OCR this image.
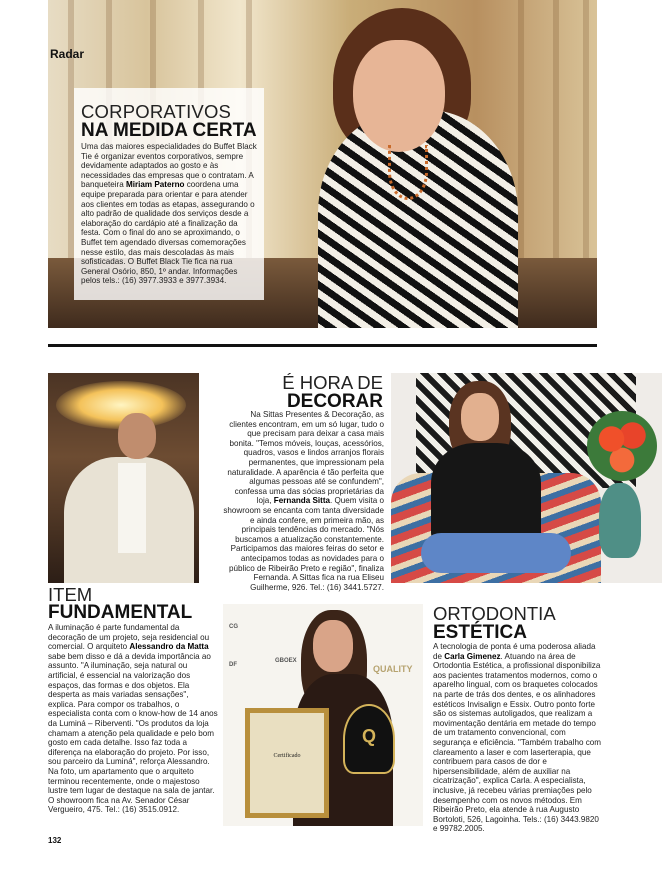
Radar
CORPORATIVOS
NA MEDIDA CERTA

Uma das maiores especialidades do Buffet Black Tie é organizar eventos corporativos, sempre devidamente adaptados ao gosto e às necessidades das empresas que o contratam. A banqueteira Miriam Paterno coordena uma equipe preparada para orientar e para atender aos clientes em todas as etapas, assegurando o alto padrão de qualidade dos serviços desde a elaboração do cardápio até a finalização da festa. Com o final do ano se aproximando, o Buffet tem agendado diversas comemorações nesse estilo, das mais descoladas às mais sofisticadas. O Buffet Black Tie fica na rua General Osório, 850, 1º andar. Informações pelos tels.: (16) 3977.3933 e 3977.3934.

É HORA DE
DECORAR

Na Sittas Presentes & Decoração, as clientes encontram, em um só lugar, tudo o que precisam para deixar a casa mais bonita. "Temos móveis, louças, acessórios, quadros, vasos e lindos arranjos florais permanentes, que impressionam pela naturalidade. A aparência é tão perfeita que algumas pessoas até se confundem", confessa uma das sócias proprietárias da loja, Fernanda Sitta. Quem visita o showroom se encanta com tanta diversidade e ainda confere, em primeira mão, as principais tendências do mercado. "Nós buscamos a atualização constantemente. Participamos das maiores feiras do setor e antecipamos todas as novidades para o público de Ribeirão Preto e região", finaliza Fernanda. A Sittas fica na rua Eliseu Guilherme, 926. Tel.: (16) 3441.5727.

ITEM
FUNDAMENTAL

A iluminação é parte fundamental da decoração de um projeto, seja residencial ou comercial. O arquiteto Alessandro da Matta sabe bem disso e dá a devida importância ao assunto. "A iluminação, seja natural ou artificial, é essencial na valorização dos espaços, das formas e dos objetos. Ela desperta as mais variadas sensações", explica. Para compor os trabalhos, o especialista conta com o know-how de 14 anos da Luminá – Riberventi. "Os produtos da loja chamam a atenção pela qualidade e pelo bom gosto em cada detalhe. Isso faz toda a diferença na elaboração do projeto. Por isso, sou parceiro da Luminá", reforça Alessandro. Na foto, um apartamento que o arquiteto terminou recentemente, onde o majestoso lustre tem lugar de destaque na sala de jantar. O showroom fica na Av. Senador César Vergueiro, 475. Tel.: (16) 3515.0912.

CG
GBOEX
DF	QUALITY
Certificado
Q
ORTODONTIA
ESTÉTICA

A tecnologia de ponta é uma poderosa aliada de Carla Gimenez. Atuando na área de Ortodontia Estética, a profissional disponibiliza aos pacientes tratamentos modernos, como o aparelho lingual, com os braquetes colocados na parte de trás dos dentes, e os alinhadores estéticos Invisalign e Essix. Outro ponto forte são os sistemas autoligados, que realizam a movimentação dentária em metade do tempo de um tratamento convencional, com segurança e eficiência. "Também trabalho com clareamento a laser e com laserterapia, que contribuem para casos de dor e hipersensibilidade, além de auxiliar na cicatrização", explica Carla. A especialista, inclusive, já recebeu várias premiações pelo desempenho com os novos métodos. Em Ribeirão Preto, ela atende à rua Augusto Bortoloti, 526, Lagoinha. Tels.: (16) 3443.9820 e 99782.2005.

132
